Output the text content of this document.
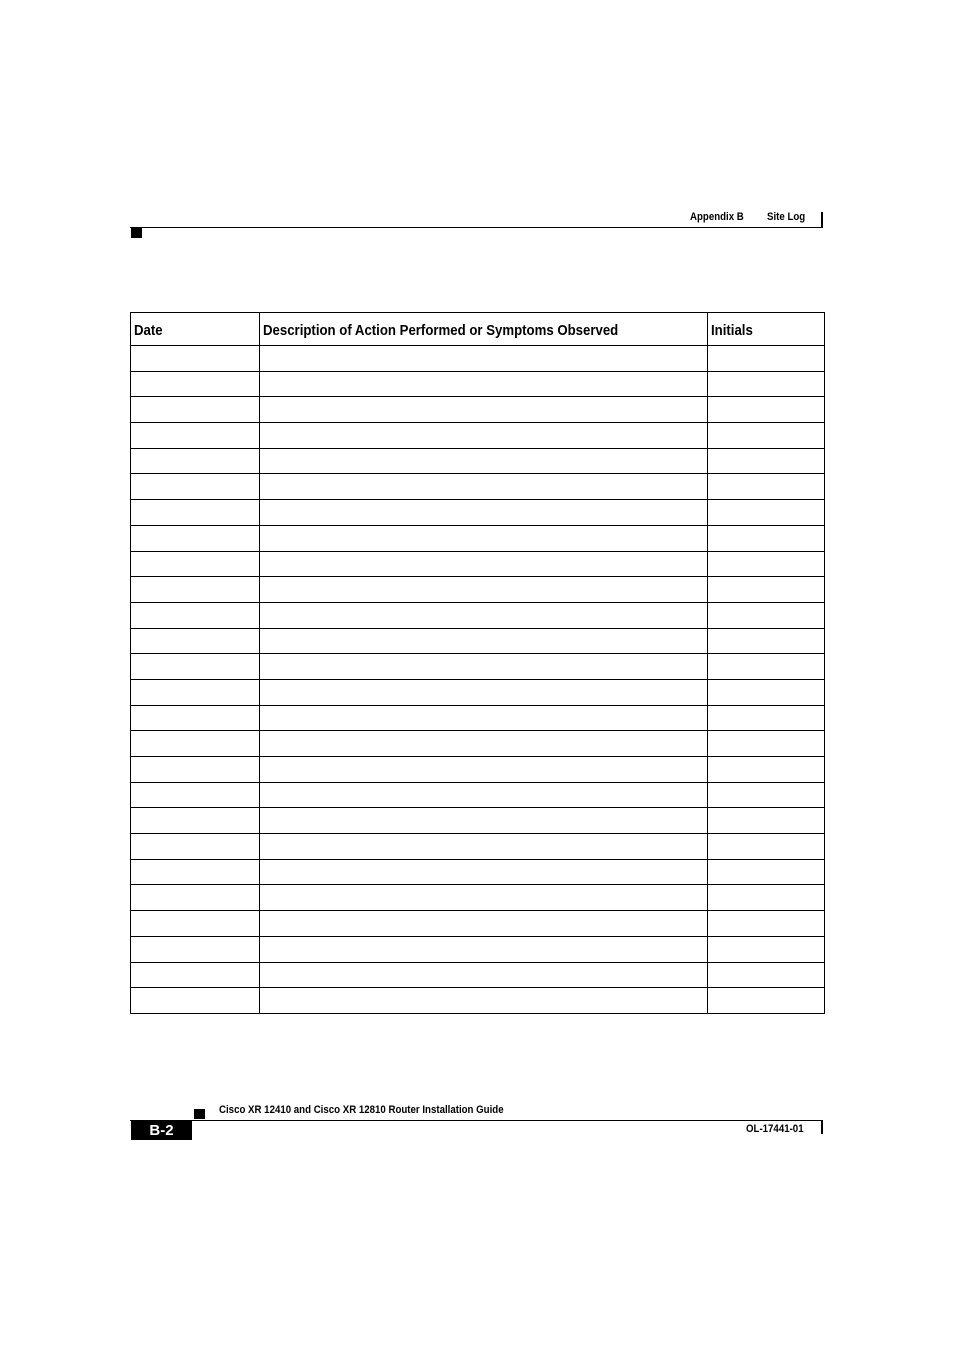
Appendix B Site Log
Date	Description of Action Performed or Symptoms Observed	Initials

Cisco XR 12410 and Cisco XR 12810 Router Installation Guide
B-2	OL-17441-01
